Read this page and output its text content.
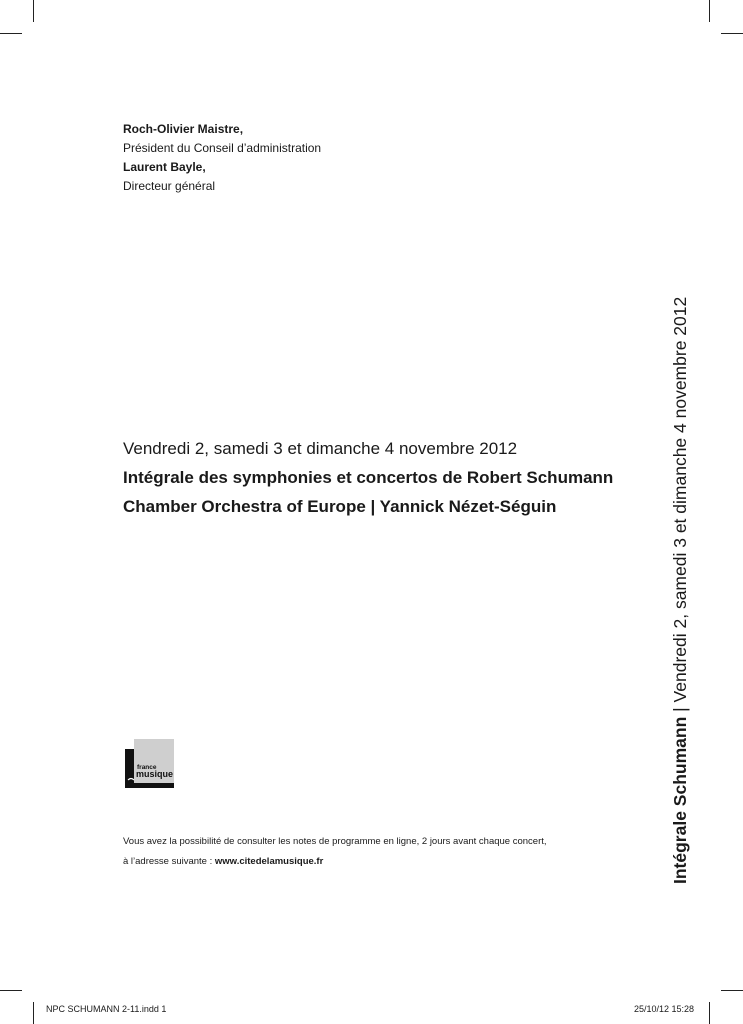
Roch-Olivier Maistre,
Président du Conseil d’administration
Laurent Bayle,
Directeur général
Vendredi 2, samedi 3 et dimanche 4 novembre 2012
Intégrale des symphonies et concertos de Robert Schumann
Chamber Orchestra of Europe | Yannick Nézet-Séguin
france
musique
Vous avez la possibilité de consulter les notes de programme en ligne, 2 jours avant chaque concert,
à l’adresse suivante : www.citedelamusique.fr	Intégrale Schumann | Vendredi 2, samedi 3 et dimanche 4 novembre 2012
NPC SCHUMANN 2-11.indd 1	25/10/12 15:28
